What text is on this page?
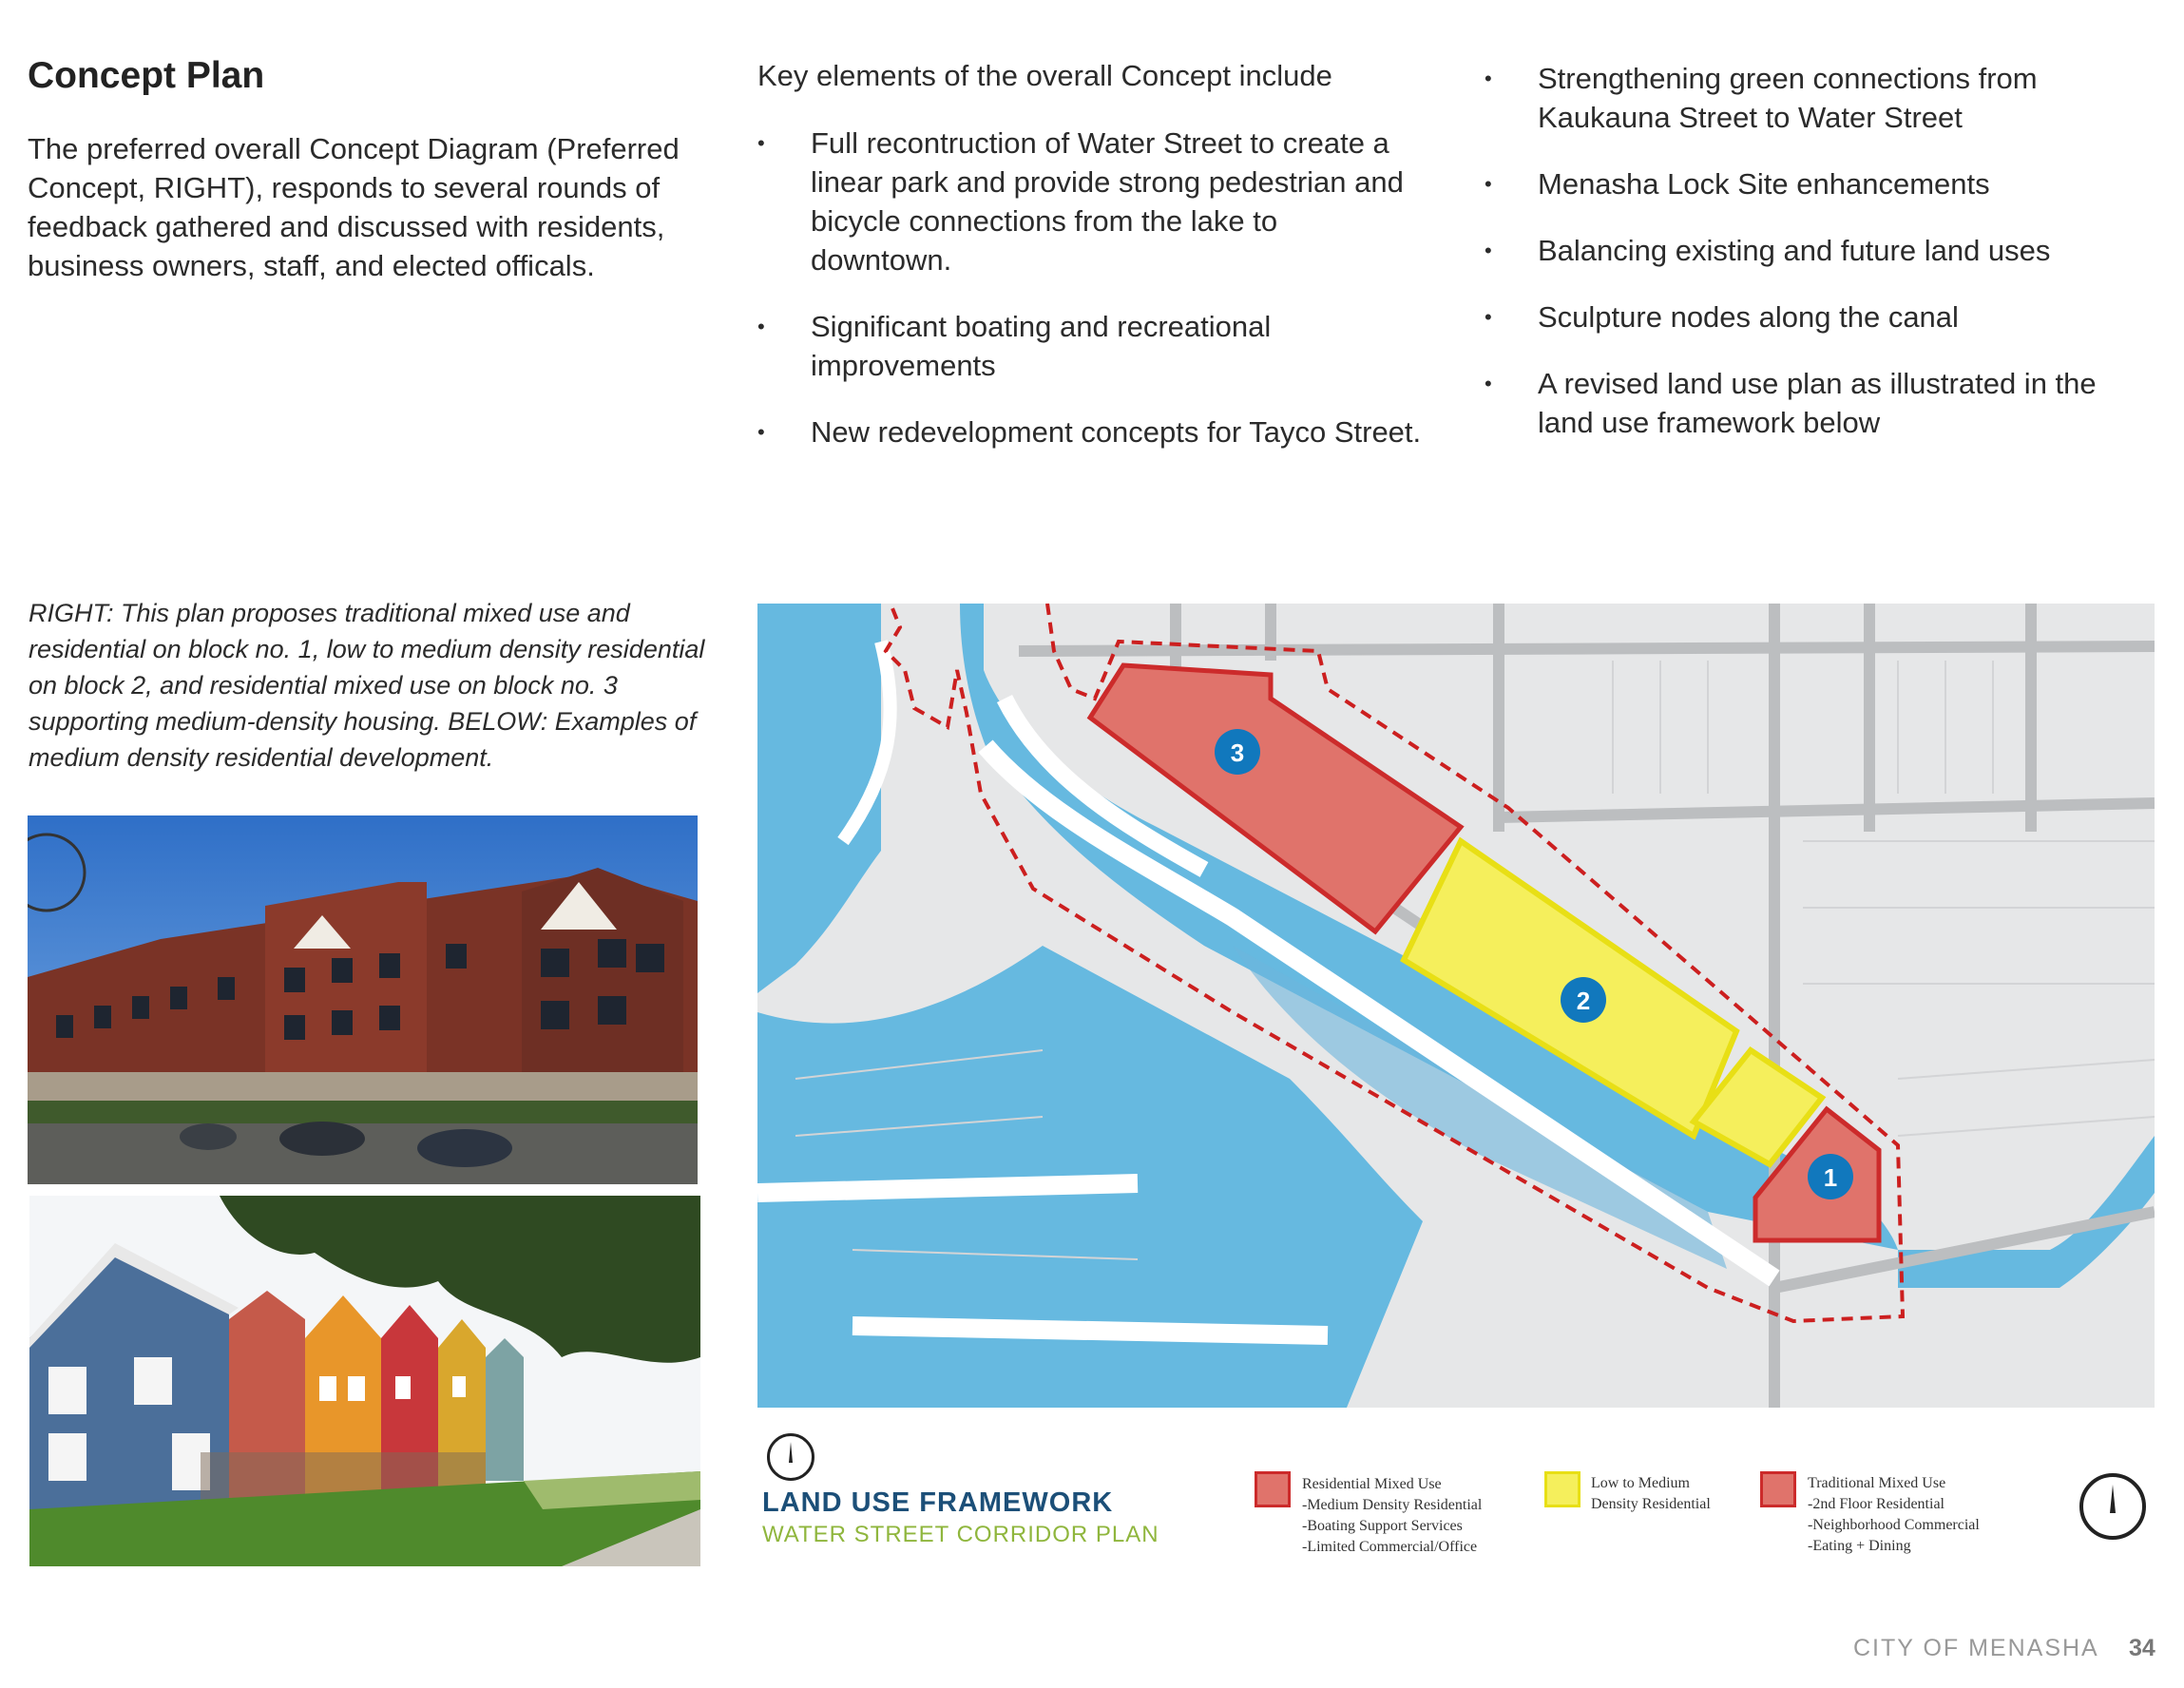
Concept Plan

The preferred overall Concept Diagram (Preferred Concept, RIGHT), responds to several rounds of feedback gathered and discussed with residents, business owners, staff, and elected officals.

Key elements of the overall Concept include

• Full recontruction of Water Street to create a linear park and provide strong pedestrian and bicycle connections from the lake to downtown.
• Significant boating and recreational improvements
• New redevelopment concepts for Tayco Street.
• Strengthening green connections from Kaukauna Street to Water Street
• Menasha Lock Site enhancements
• Balancing existing and future land uses
• Sculpture nodes along the canal
• A revised land use plan as illustrated in the land use framework below

RIGHT: This plan proposes traditional mixed use and residential on block no. 1, low to medium density residential on block 2, and residential mixed use on block no. 3 supporting medium-density housing. BELOW: Examples of medium density residential development.

1
2
3
LAND USE FRAMEWORK
WATER STREET CORRIDOR PLAN
Residential Mixed Use
-Medium Density Residential
-Boating Support Services
-Limited Commercial/Office
Low to Medium
Density Residential
Traditional Mixed Use
-2nd Floor Residential
-Neighborhood Commercial
-Eating + Dining
CITY OF MENASHA 34
